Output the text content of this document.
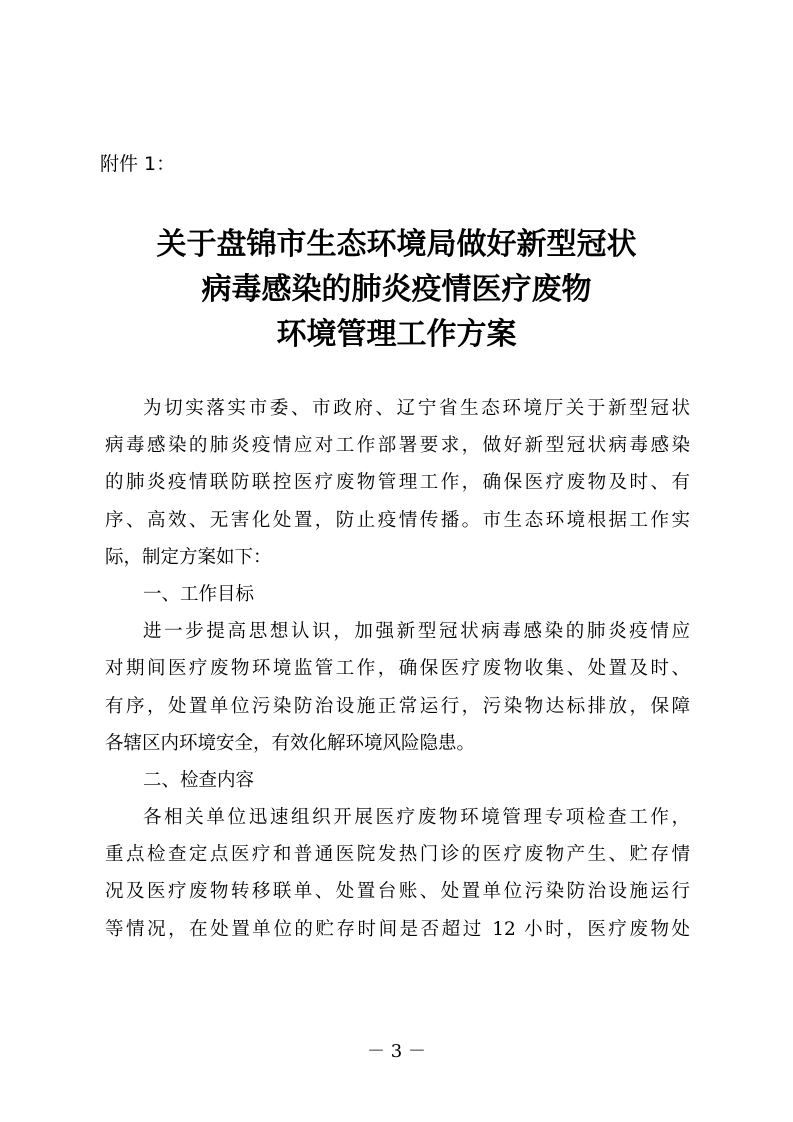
附件 1：
关于盘锦市生态环境局做好新型冠状
病毒感染的肺炎疫情医疗废物
环境管理工作方案
为切实落实市委、市政府、辽宁省生态环境厅关于新型冠状
病毒感染的肺炎疫情应对工作部署要求，做好新型冠状病毒感染
的肺炎疫情联防联控医疗废物管理工作，确保医疗废物及时、有
序、高效、无害化处置，防止疫情传播。市生态环境根据工作实
际，制定方案如下：
一、工作目标
进一步提高思想认识，加强新型冠状病毒感染的肺炎疫情应
对期间医疗废物环境监管工作，确保医疗废物收集、处置及时、
有序，处置单位污染防治设施正常运行，污染物达标排放，保障
各辖区内环境安全，有效化解环境风险隐患。
二、检查内容
各相关单位迅速组织开展医疗废物环境管理专项检查工作，
重点检查定点医疗和普通医院发热门诊的医疗废物产生、贮存情
况及医疗废物转移联单、处置台账、处置单位污染防治设施运行
等情况，在处置单位的贮存时间是否超过 12 小时，医疗废物处
－ 3 －
